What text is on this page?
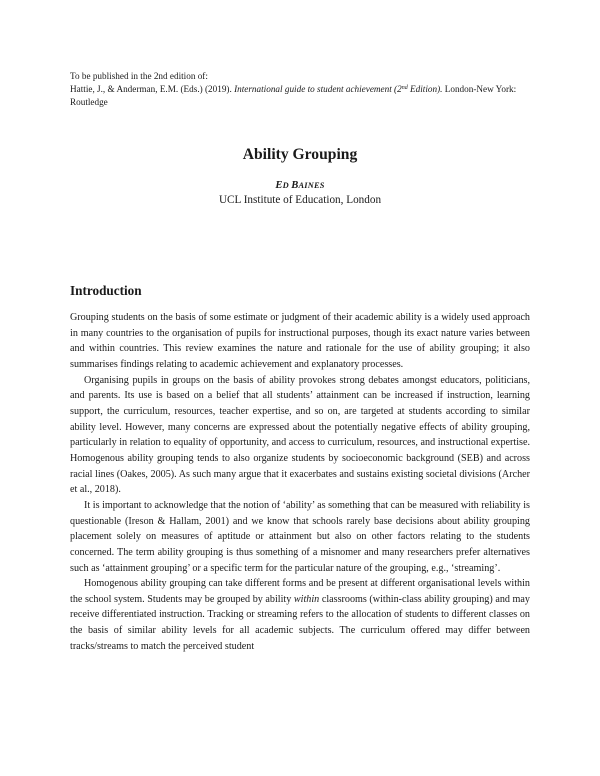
To be published in the 2nd edition of:

Hattie, J., & Anderman, E.M. (Eds.) (2019). International guide to student achievement (2nd Edition). London-New York: Routledge

Ability Grouping
ED BAINES
UCL Institute of Education, London
Introduction

Grouping students on the basis of some estimate or judgment of their academic ability is a widely used approach in many countries to the organisation of pupils for instructional purposes, though its exact nature varies between and within countries. This review examines the nature and rationale for the use of ability grouping; it also summarises findings relating to academic achievement and explanatory processes.

Organising pupils in groups on the basis of ability provokes strong debates amongst educators, politicians, and parents. Its use is based on a belief that all students’ attainment can be increased if instruction, learning support, the curriculum, resources, teacher expertise, and so on, are targeted at students according to similar ability level. However, many concerns are expressed about the potentially negative effects of ability grouping, particularly in relation to equality of opportunity, and access to curriculum, resources, and instructional expertise. Homogenous ability grouping tends to also organize students by socioeconomic background (SEB) and across racial lines (Oakes, 2005). As such many argue that it exacerbates and sustains existing societal divisions (Archer et al., 2018).

It is important to acknowledge that the notion of ‘ability’ as something that can be measured with reliability is questionable (Ireson & Hallam, 2001) and we know that schools rarely base decisions about ability grouping placement solely on measures of aptitude or attainment but also on other factors relating to the students concerned. The term ability grouping is thus something of a misnomer and many researchers prefer alternatives such as ‘attainment grouping’ or a specific term for the particular nature of the grouping, e.g., ‘streaming’.

Homogenous ability grouping can take different forms and be present at different organisational levels within the school system. Students may be grouped by ability within classrooms (within-class ability grouping) and may receive differentiated instruction. Tracking or streaming refers to the allocation of students to different classes on the basis of similar ability levels for all academic subjects. The curriculum offered may differ between tracks/streams to match the perceived student
